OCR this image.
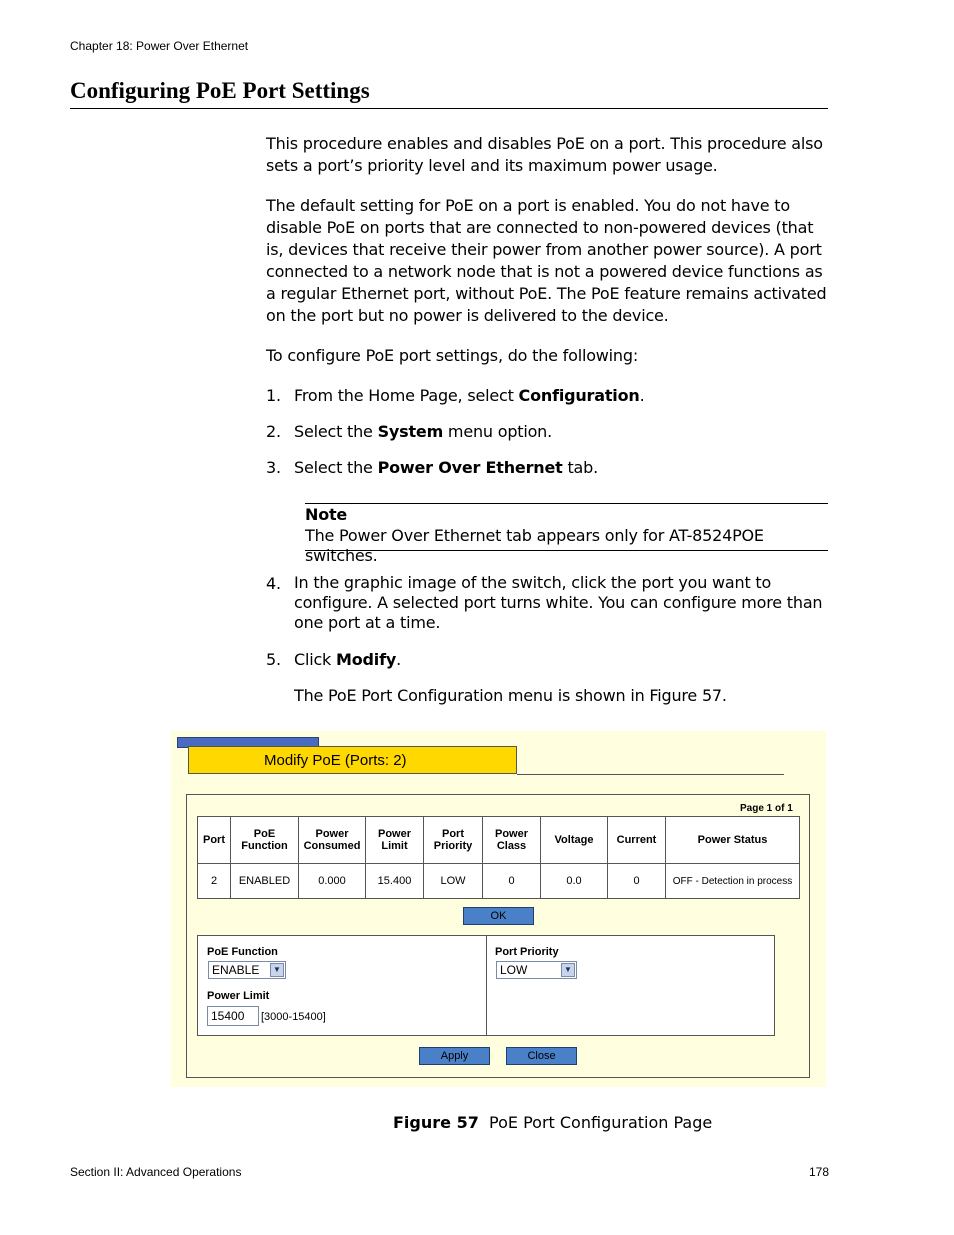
Chapter 18: Power Over Ethernet
Configuring PoE Port Settings
This procedure enables and disables PoE on a port. This procedure also sets a port’s priority level and its maximum power usage.
The default setting for PoE on a port is enabled. You do not have to disable PoE on ports that are connected to non-powered devices (that is, devices that receive their power from another power source). A port connected to a network node that is not a powered device functions as a regular Ethernet port, without PoE. The PoE feature remains activated on the port but no power is delivered to the device.
To configure PoE port settings, do the following:
1. From the Home Page, select Configuration.
2. Select the System menu option.
3. Select the Power Over Ethernet tab.
Note
The Power Over Ethernet tab appears only for AT-8524POE switches.
4. In the graphic image of the switch, click the port you want to configure. A selected port turns white. You can configure more than one port at a time.
5. Click Modify.
The PoE Port Configuration menu is shown in Figure 57.
Modify PoE (Ports: 2)
Page 1 of 1
Port	PoE Function	Power Consumed	Power Limit	Port Priority	Power Class	Voltage	Current	Power Status
2	ENABLED	0.000	15.400	LOW	0	0.0	0	OFF - Detection in process
OK
PoE Function
ENABLE	▼
Port Priority
LOW	▼
Power Limit
15400	[3000-15400]
Apply	Close
Figure 57 PoE Port Configuration Page
Section II: Advanced Operations	178
